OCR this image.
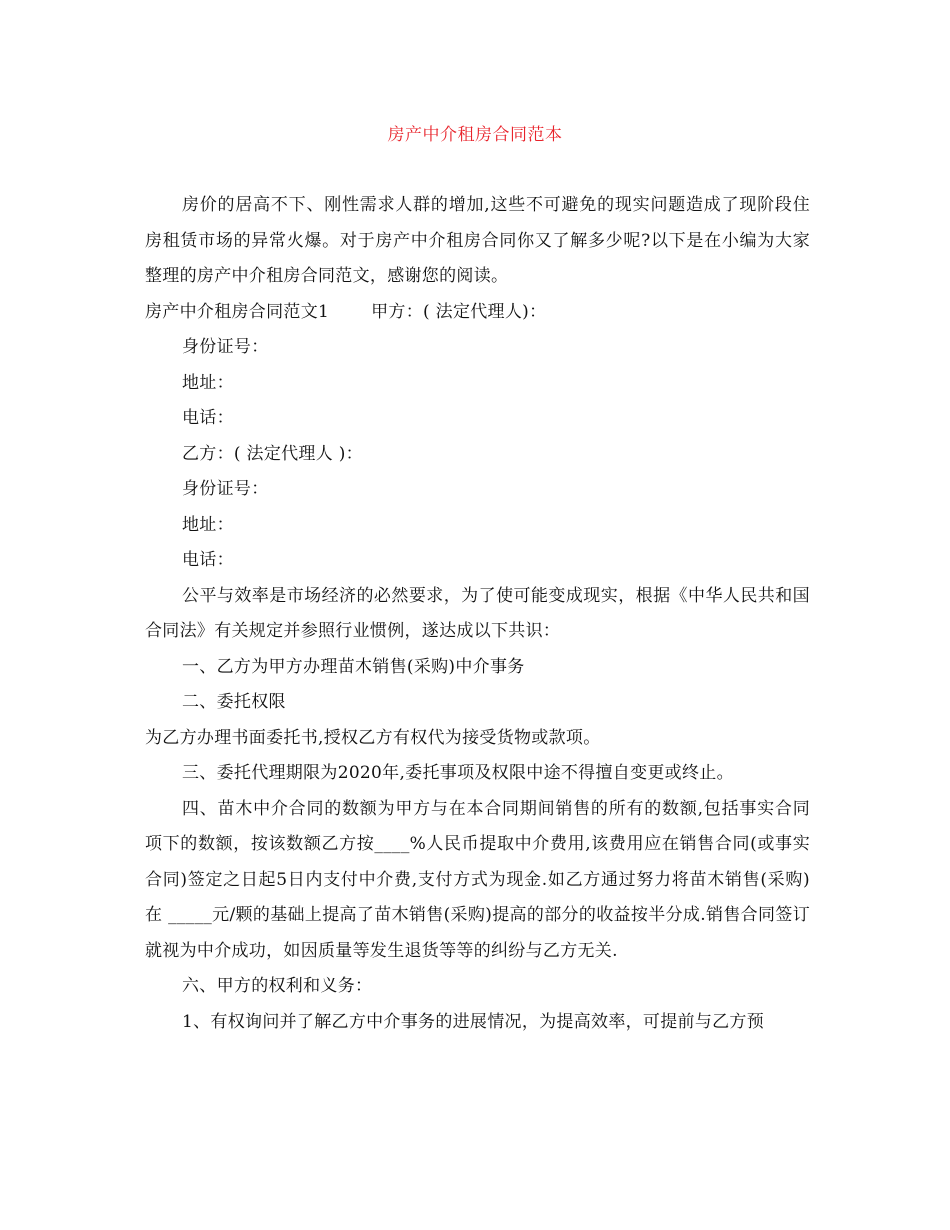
房产中介租房合同范本

房价的居高不下、刚性需求人群的增加,这些不可避免的现实问题造成了现阶段住房租赁市场的异常火爆。对于房产中介租房合同你又了解多少呢?以下是在小编为大家整理的房产中介租房合同范文，感谢您的阅读。

房产中介租房合同范文1 甲方：( 法定代理人)：

身份证号：

地址：

电话：

乙方：( 法定代理人 )：

身份证号：

地址：

电话：

公平与效率是市场经济的必然要求，为了使可能变成现实，根据《中华人民共和国合同法》有关规定并参照行业惯例，遂达成以下共识：

一、乙方为甲方办理苗木销售(采购)中介事务

二、委托权限

为乙方办理书面委托书,授权乙方有权代为接受货物或款项。

三、委托代理期限为2020年,委托事项及权限中途不得擅自变更或终止。

四、苗木中介合同的数额为甲方与在本合同期间销售的所有的数额,包括事实合同项下的数额，按该数额乙方按____%人民币提取中介费用,该费用应在销售合同(或事实合同)签定之日起5日内支付中介费,支付方式为现金.如乙方通过努力将苗木销售(采购)在 _____元/颗的基础上提高了苗木销售(采购)提高的部分的收益按半分成.销售合同签订就视为中介成功，如因质量等发生退货等等的纠纷与乙方无关.

六、甲方的权利和义务：

1、有权询问并了解乙方中介事务的进展情况，为提高效率，可提前与乙方预
